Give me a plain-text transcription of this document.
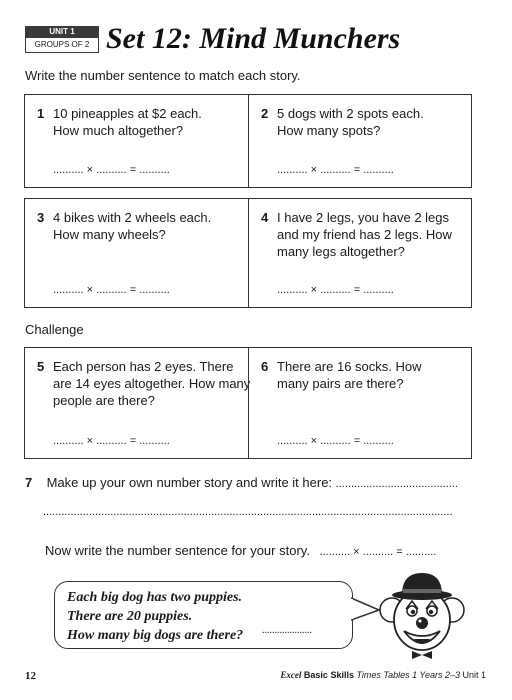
UNIT 1
GROUPS OF 2 Set 12: Mind Munchers
Write the number sentence to match each story.
1 10 pineapples at $2 each. How much altogether?
.......... × .......... = ..........
2 5 dogs with 2 spots each. How many spots?
.......... × .......... = ..........
3 4 bikes with 2 wheels each. How many wheels?
.......... × .......... = ..........
4 I have 2 legs, you have 2 legs and my friend has 2 legs. How many legs altogether?
.......... × .......... = ..........
Challenge
5 Each person has 2 eyes. There are 14 eyes altogether. How many people are there?
.......... × .......... = ..........
6 There are 16 socks. How many pairs are there?
.......... × .......... = ..........
7 Make up your own number story and write it here: ........................................
......................................................................................................................................
Now write the number sentence for your story. .......... × .......... = ..........
Each big dog has two puppies.
There are 20 puppies.
How many big dogs are there?	....................
12	Excel Basic Skills Times Tables 1 Years 2–3 Unit 1
